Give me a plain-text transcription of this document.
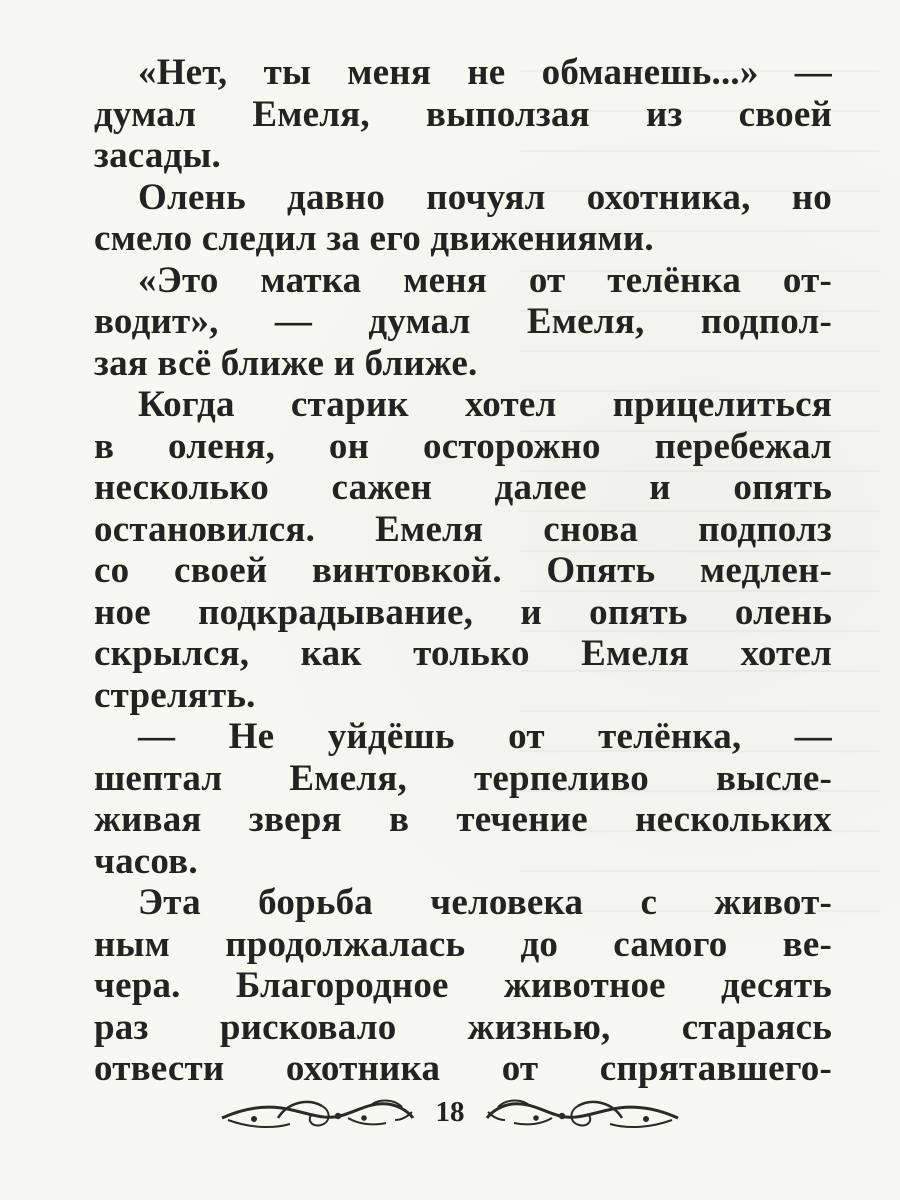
«Нет, ты меня не обманешь...» —
думал Емеля, выползая из своей
засады.
Олень давно почуял охотника, но
смело следил за его движениями.
«Это матка меня от телёнка от-
водит», — думал Емеля, подпол-
зая всё ближе и ближе.
Когда старик хотел прицелиться
в оленя, он осторожно перебежал
несколько сажен далее и опять
остановился. Емеля снова подполз
со своей винтовкой. Опять медлен-
ное подкрадывание, и опять олень
скрылся, как только Емеля хотел
стрелять.
— Не уйдёшь от телёнка, —
шептал Емеля, терпеливо высле-
живая зверя в течение нескольких
часов.
Эта борьба человека с живот-
ным продолжалась до самого ве-
чера. Благородное животное десять
раз рисковало жизнью, стараясь
отвести охотника от спрятавшего-
18
